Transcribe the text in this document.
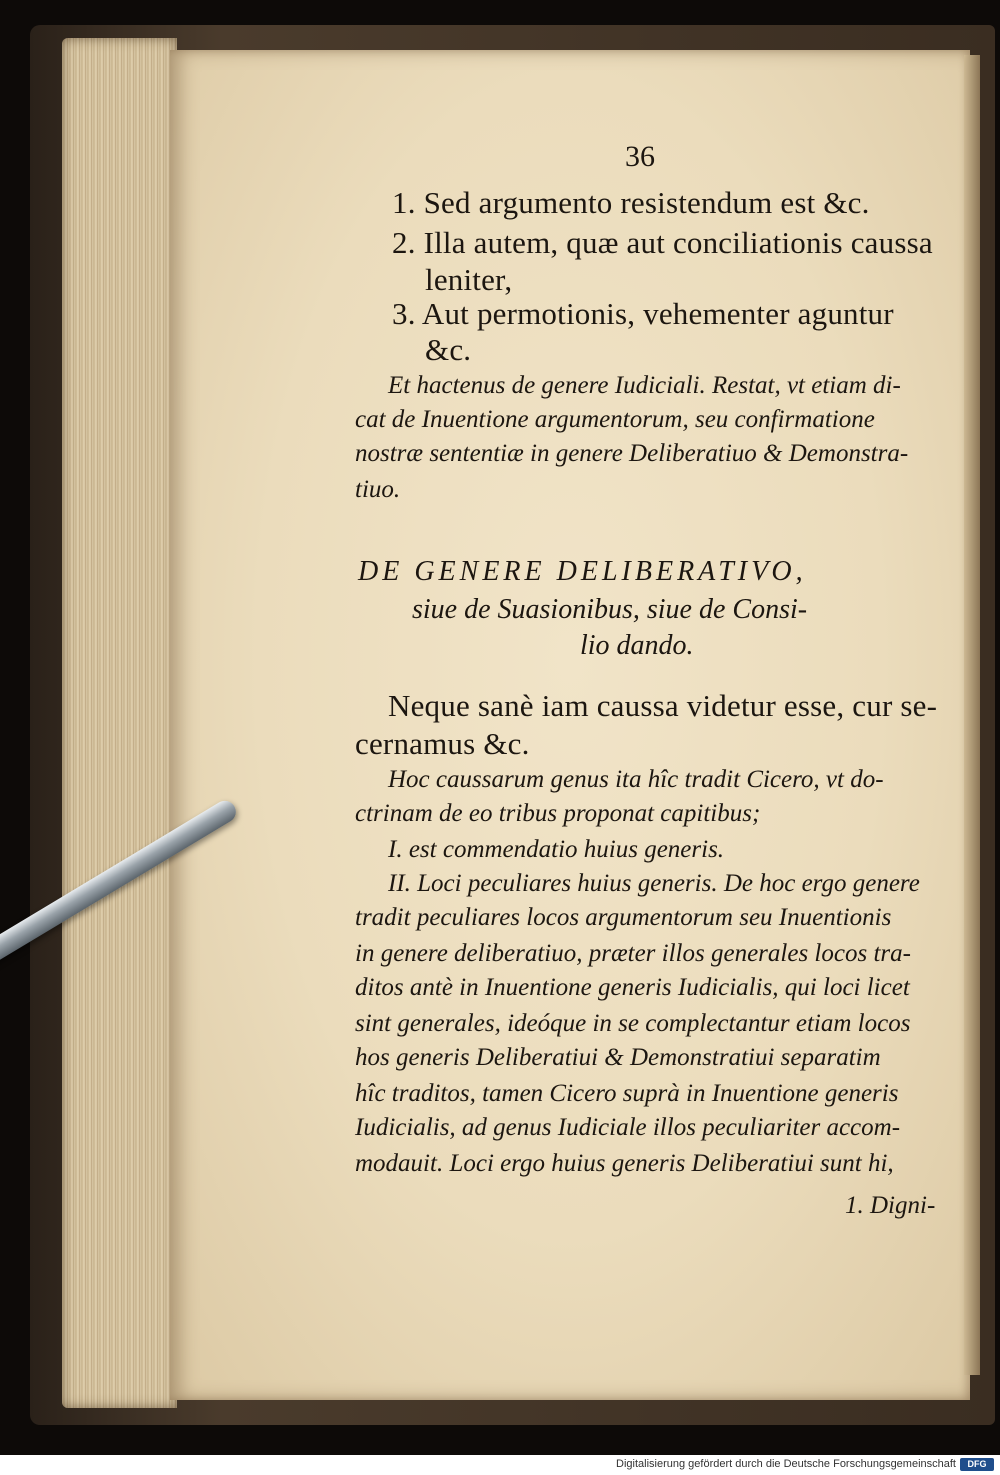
36
1. Sed argumento resistendum est &c.
2. Illa autem, quæ aut conciliationis caussa
leniter,
3. Aut permotionis, vehementer aguntur
&c.
Et hactenus de genere Iudiciali. Restat, vt etiam di-
cat de Inuentione argumentorum, seu confirmatione
nostræ sententiæ in genere Deliberatiuo & Demonstra-
tiuo.
DE GENERE DELIBERATIVO,
siue de Suasionibus, siue de Consi-
lio dando.
Neque sanè iam caussa videtur esse, cur se-
cernamus &c.
Hoc caussarum genus ita hîc tradit Cicero, vt do-
ctrinam de eo tribus proponat capitibus;
I. est commendatio huius generis.
II. Loci peculiares huius generis. De hoc ergo genere
tradit peculiares locos argumentorum seu Inuentionis
in genere deliberatiuo, præter illos generales locos tra-
ditos antè in Inuentione generis Iudicialis, qui loci licet
sint generales, ideóque in se complectantur etiam locos
hos generis Deliberatiui & Demonstratiui separatim
hîc traditos, tamen Cicero suprà in Inuentione generis
Iudicialis, ad genus Iudiciale illos peculiariter accom-
modauit. Loci ergo huius generis Deliberatiui sunt hi,
1. Digni-
Digitalisierung gefördert durch die Deutsche Forschungsgemeinschaft	DFG
